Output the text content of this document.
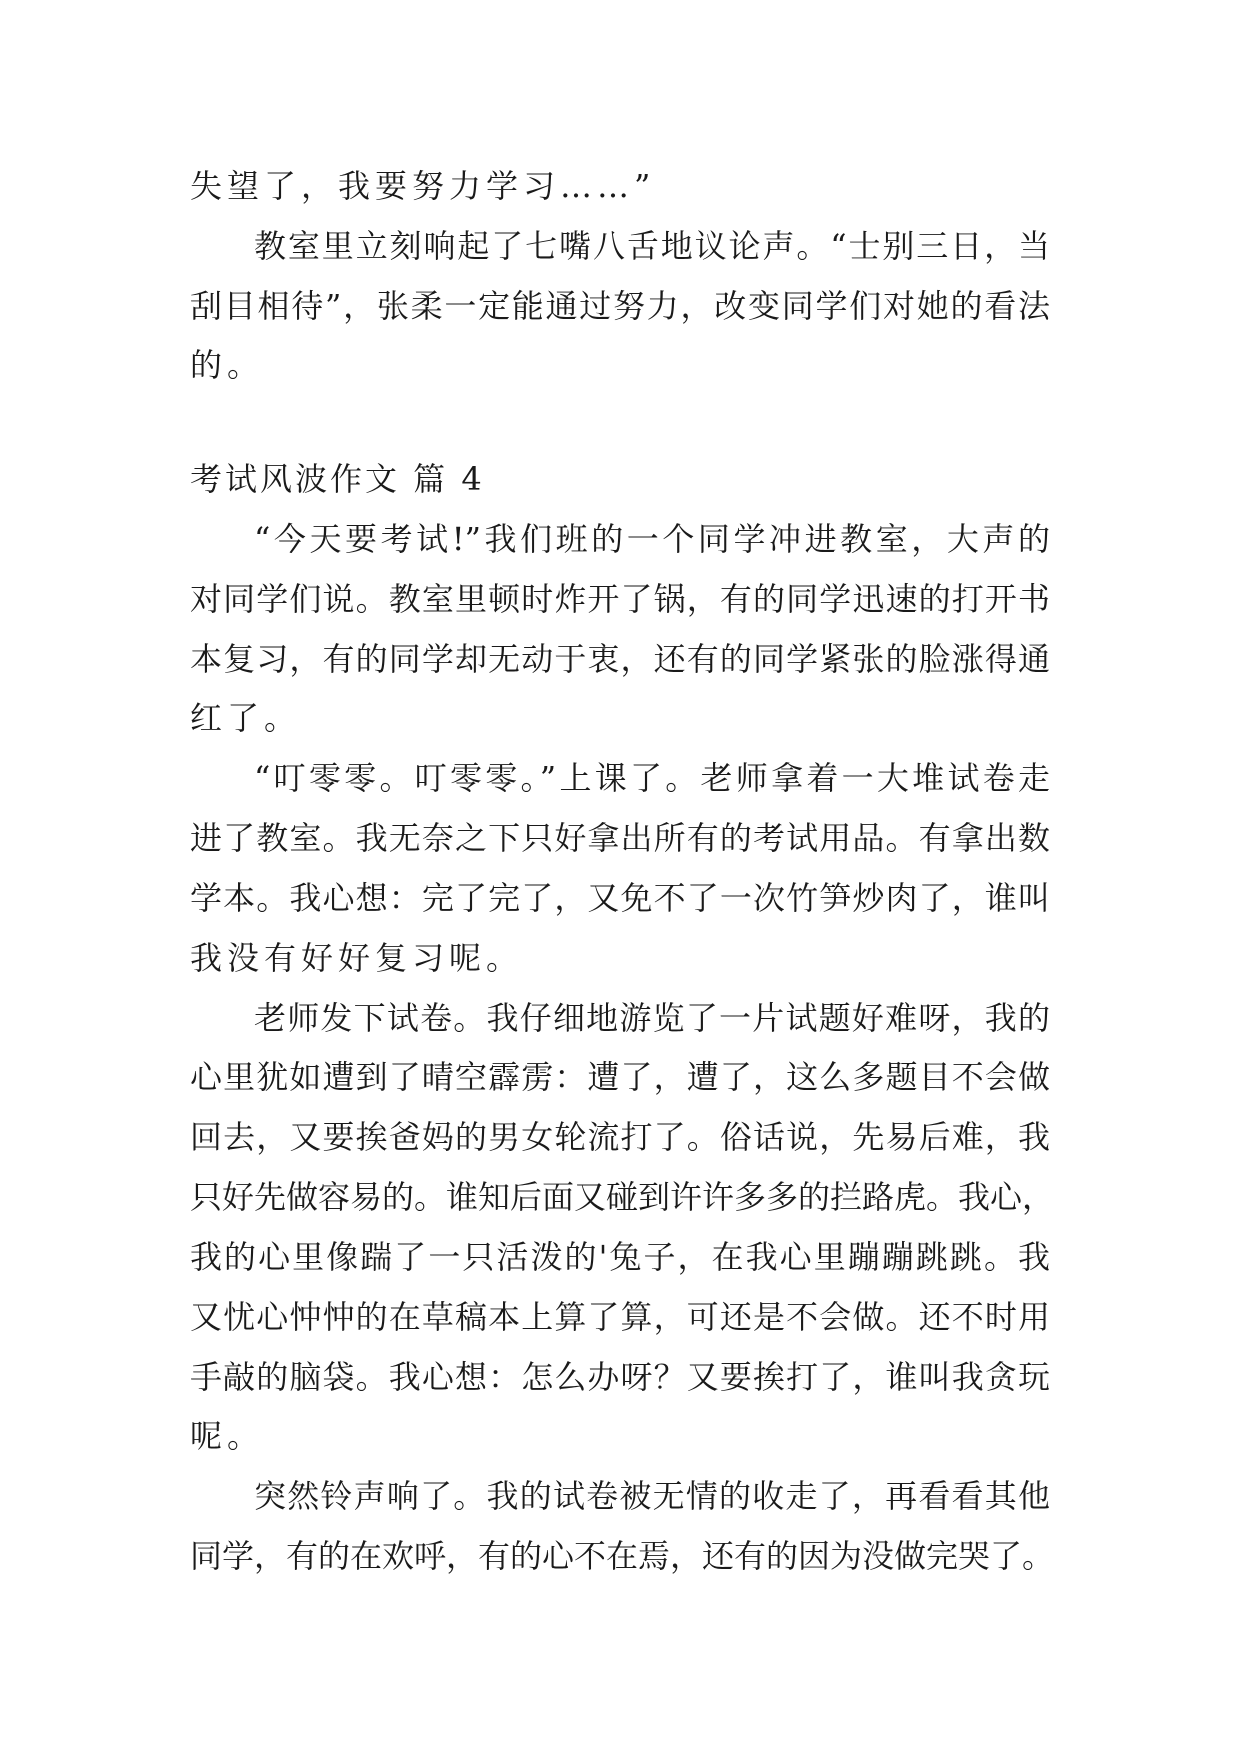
失望了，我要努力学习……”
教室里立刻响起了七嘴八舌地议论声。“士别三日，当
刮目相待”，张柔一定能通过努力，改变同学们对她的看法
的。
考试风波作文 篇 4
“今天要考试!”我们班的一个同学冲进教室，大声的
对同学们说。教室里顿时炸开了锅，有的同学迅速的打开书
本复习，有的同学却无动于衷，还有的同学紧张的脸涨得通
红了。
“叮零零。叮零零。”上课了。老师拿着一大堆试卷走
进了教室。我无奈之下只好拿出所有的考试用品。有拿出数
学本。我心想：完了完了，又免不了一次竹笋炒肉了，谁叫
我没有好好复习呢。
老师发下试卷。我仔细地游览了一片试题好难呀，我的
心里犹如遭到了晴空霹雳：遭了，遭了，这么多题目不会做
回去，又要挨爸妈的男女轮流打了。俗话说，先易后难，我
只好先做容易的。谁知后面又碰到许许多多的拦路虎。我心，
我的心里像踹了一只活泼的'兔子，在我心里蹦蹦跳跳。我
又忧心忡忡的在草稿本上算了算，可还是不会做。还不时用
手敲的脑袋。我心想：怎么办呀？又要挨打了，谁叫我贪玩
呢。
突然铃声响了。我的试卷被无情的收走了，再看看其他
同学，有的在欢呼，有的心不在焉，还有的因为没做完哭了。
